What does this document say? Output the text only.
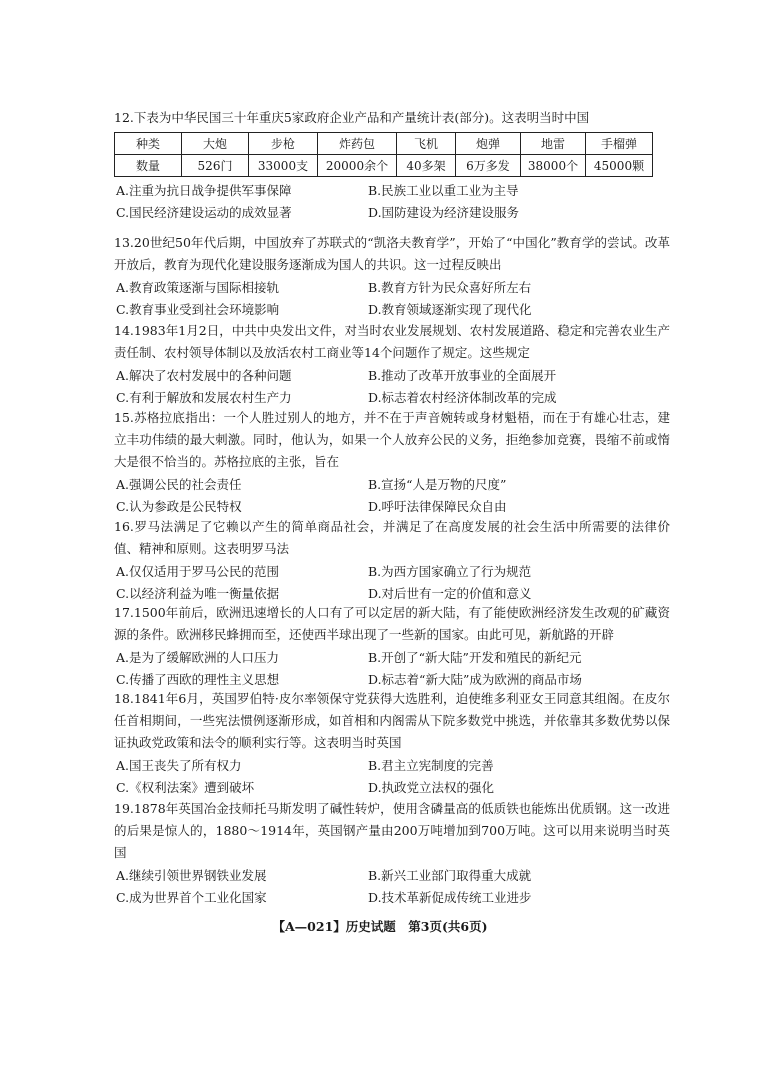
12.下表为中华民国三十年重庆5家政府企业产品和产量统计表(部分)。这表明当时中国

种类	大炮	步枪	炸药包	飞机	炮弹	地雷	手榴弹
数量	526门	33000支	20000余个	40多架	6万多发	38000个	45000颗
A.注重为抗日战争提供军事保障	B.民族工业以重工业为主导
C.国民经济建设运动的成效显著	D.国防建设为经济建设服务

13.20世纪50年代后期，中国放弃了苏联式的“凯洛夫教育学”，开始了“中国化”教育学的尝试。改革开放后，教育为现代化建设服务逐渐成为国人的共识。这一过程反映出

A.教育政策逐渐与国际相接轨	B.教育方针为民众喜好所左右
C.教育事业受到社会环境影响	D.教育领域逐渐实现了现代化

14.1983年1月2日，中共中央发出文件，对当时农业发展规划、农村发展道路、稳定和完善农业生产责任制、农村领导体制以及放活农村工商业等14个问题作了规定。这些规定

A.解决了农村发展中的各种问题	B.推动了改革开放事业的全面展开
C.有利于解放和发展农村生产力	D.标志着农村经济体制改革的完成

15.苏格拉底指出：一个人胜过别人的地方，并不在于声音婉转或身材魁梧，而在于有雄心壮志，建立丰功伟绩的最大刺激。同时，他认为，如果一个人放弃公民的义务，拒绝参加竞赛，畏缩不前或惰大是很不恰当的。苏格拉底的主张，旨在

A.强调公民的社会责任	B.宣扬“人是万物的尺度”
C.认为参政是公民特权	D.呼吁法律保障民众自由

16.罗马法满足了它赖以产生的简单商品社会，并满足了在高度发展的社会生活中所需要的法律价值、精神和原则。这表明罗马法

A.仅仅适用于罗马公民的范围	B.为西方国家确立了行为规范
C.以经济利益为唯一衡量依据	D.对后世有一定的价值和意义

17.1500年前后，欧洲迅速增长的人口有了可以定居的新大陆，有了能使欧洲经济发生改观的矿藏资源的条件。欧洲移民蜂拥而至，还使西半球出现了一些新的国家。由此可见，新航路的开辟

A.是为了缓解欧洲的人口压力	B.开创了“新大陆”开发和殖民的新纪元
C.传播了西欧的理性主义思想	D.标志着“新大陆”成为欧洲的商品市场

18.1841年6月，英国罗伯特·皮尔率领保守党获得大选胜利，迫使维多利亚女王同意其组阁。在皮尔任首相期间，一些宪法惯例逐渐形成，如首相和内阁需从下院多数党中挑选，并依靠其多数优势以保证执政党政策和法令的顺利实行等。这表明当时英国

A.国王丧失了所有权力	B.君主立宪制度的完善
C.《权利法案》遭到破坏	D.执政党立法权的强化

19.1878年英国冶金技师托马斯发明了碱性转炉，使用含磷量高的低质铁也能炼出优质钢。这一改进的后果是惊人的，1880～1914年，英国钢产量由200万吨增加到700万吨。这可以用来说明当时英国

A.继续引领世界钢铁业发展	B.新兴工业部门取得重大成就
C.成为世界首个工业化国家	D.技术革新促成传统工业进步
【A—021】历史试题　第3页(共6页)
